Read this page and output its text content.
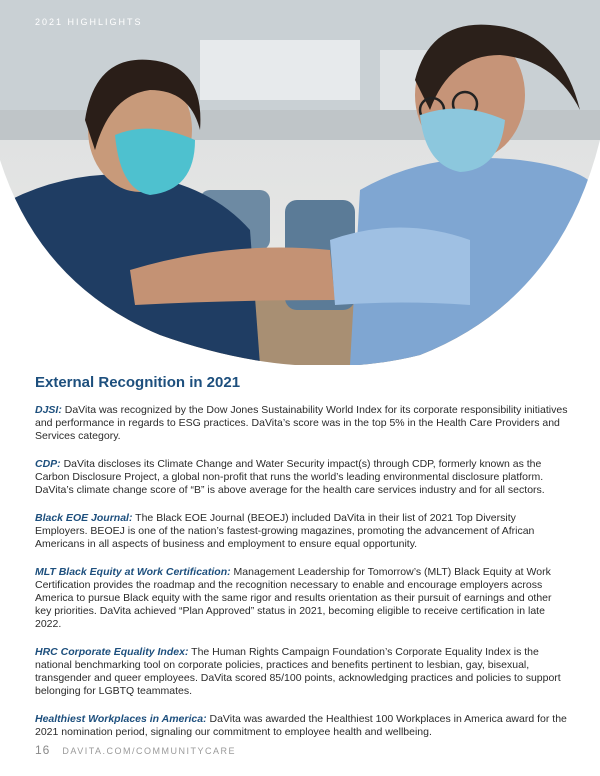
2021 HIGHLIGHTS
External Recognition in 2021

DJSI: DaVita was recognized by the Dow Jones Sustainability World Index for its corporate responsibility initiatives and performance in regards to ESG practices. DaVita’s score was in the top 5% in the Health Care Providers and Services category.

CDP: DaVita discloses its Climate Change and Water Security impact(s) through CDP, formerly known as the Carbon Disclosure Project, a global non-profit that runs the world’s leading environmental disclosure platform. DaVita’s climate change score of “B” is above average for the health care services industry and for all sectors.

Black EOE Journal: The Black EOE Journal (BEOEJ) included DaVita in their list of 2021 Top Diversity Employers. BEOEJ is one of the nation’s fastest-growing magazines, promoting the advancement of African Americans in all aspects of business and employment to ensure equal opportunity.

MLT Black Equity at Work Certification: Management Leadership for Tomorrow’s (MLT) Black Equity at Work Certification provides the roadmap and the recognition necessary to enable and encourage employers across America to pursue Black equity with the same rigor and results orientation as their pursuit of earnings and other key priorities. DaVita achieved “Plan Approved” status in 2021, becoming eligible to receive certification in late 2022.

HRC Corporate Equality Index: The Human Rights Campaign Foundation’s Corporate Equality Index is the national benchmarking tool on corporate policies, practices and benefits pertinent to lesbian, gay, bisexual, transgender and queer employees. DaVita scored 85/100 points, acknowledging practices and policies to support belonging for LGBTQ teammates.

Healthiest Workplaces in America: DaVita was awarded the Healthiest 100 Workplaces in America award for the 2021 nomination period, signaling our commitment to employee health and wellbeing.

16 DAVITA.COM/COMMUNITYCARE
